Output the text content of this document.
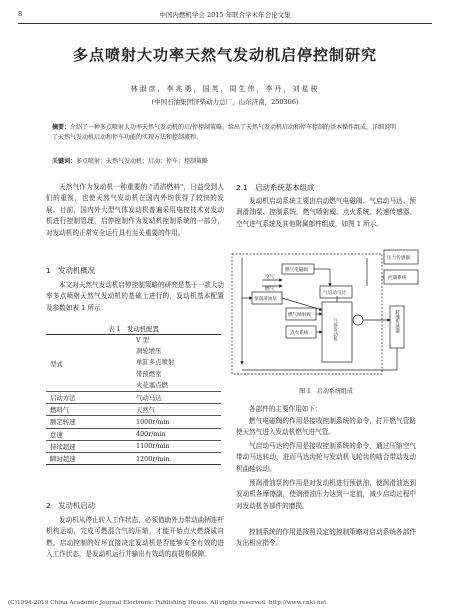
8	中国内燃机学会 2015 年联合学术年会论文集
多点喷射大功率天然气发动机启停控制研究
林淑彦，李兆勇，国英，周生伟，李丹，刘星骏
(中国石油集团济柴动力总厂，山东济南，250306)
摘要：介绍了一种多点喷射大功率天然气发动机的启/停控制策略，给出了天然气发动机启动和停车控制的基本操作组成，详细说明了天然气发动机启动和停车功能的实现方法和控制流程。
关键词：多点喷射；天然气发动机；启动；停车；控制策略
天然气作为发动机一种重要的 "清洁燃料"，日益受到人们的重视，也使天然气发动机在国内外均获得了较快的发展。目前，国内外大型气体发动机普遍采用电控技术对发动机进行控制管理，启停控制作为发动机控制系统的一部分，对发动机的正常安全运行具有至关重要的作用。
1　发动机概况
本文对天然气发动机启停控制策略的研究是基于一款大功率多点喷射天然气发动机的基础上进行的，发动机基本配置及参数如表 1 所示：
表 1　发动机配置
型式	V 型
涡轮增压
单缸多点喷射
带预燃室
火花塞点燃

启动方法	气动马达
燃料气	天然气
额定转速	1000r/min
怠速	400r/min
持续超速	1100r/min
瞬时超速	1200r/min
2　发动机启动
发动机从停止转入工作状态，必须借助外力带动曲柄连杆机构运动，完成可燃混合气的压缩，才能开始点火燃烧成自燃。启动控制的好坏直接决定发动机是否能够安全有效的进入工作状态，是发动机运行并输出有效动的前提和保障。
2.1　启动系统基本组成
发动机启动系统主要由启动燃气电磁阀、气启动马达、预润滑油泵、控制系统、燃气喷射阀、点火系统、转速传感器、空气进气系统及其他附属部件组成，如图 1 所示。
压力传感器
控制系统
燃气电磁阀
气启动马达
空气
燃气
预润滑油泵
燃气喷射阀
点火系统	气体发动机	转速传感器
图 1　启动系统组成
各部件的主要作用如下：
燃气电磁阀的作用是接收控制系统的命令，打开燃气管路使天然气进入发动机燃气进气管。
气启动马达的作用是接收控制系统的命令，通过压缩空气带动马达转动，进而马达齿轮与发动机飞轮齿的啮合带动发动机曲轴转动。
预润滑油泵的作用是对发动机进行预供油，使润滑油达到发动机各摩擦副，使润滑油压力达到一定值，减少启动过程中对发动机各部件的磨损。
控制系统的作用是按照设定的控制策略对启动系统各部件发出相应指令。
(C)1994-2019 China Academic Journal Electronic Publishing House. All rights reserved. http://www.cnki.net
